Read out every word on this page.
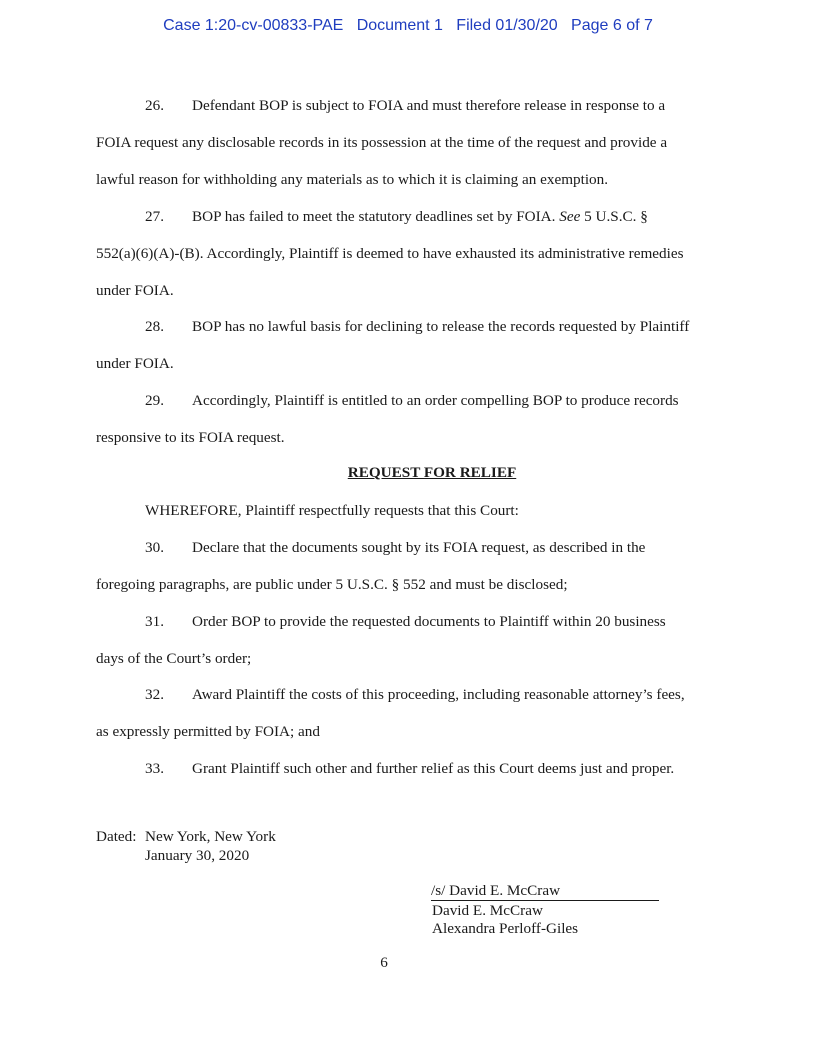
Case 1:20-cv-00833-PAE   Document 1   Filed 01/30/20   Page 6 of 7
26. Defendant BOP is subject to FOIA and must therefore release in response to a
FOIA request any disclosable records in its possession at the time of the request and provide a
lawful reason for withholding any materials as to which it is claiming an exemption.
27. BOP has failed to meet the statutory deadlines set by FOIA. See 5 U.S.C. §
552(a)(6)(A)-(B). Accordingly, Plaintiff is deemed to have exhausted its administrative remedies
under FOIA.
28. BOP has no lawful basis for declining to release the records requested by Plaintiff
under FOIA.
29. Accordingly, Plaintiff is entitled to an order compelling BOP to produce records
responsive to its FOIA request.
REQUEST FOR RELIEF
WHEREFORE, Plaintiff respectfully requests that this Court:
30. Declare that the documents sought by its FOIA request, as described in the
foregoing paragraphs, are public under 5 U.S.C. § 552 and must be disclosed;
31. Order BOP to provide the requested documents to Plaintiff within 20 business
days of the Court’s order;
32. Award Plaintiff the costs of this proceeding, including reasonable attorney’s fees,
as expressly permitted by FOIA; and
33. Grant Plaintiff such other and further relief as this Court deems just and proper.
Dated: New York, New York
January 30, 2020
/s/ David E. McCraw
David E. McCraw
Alexandra Perloff-Giles
6
